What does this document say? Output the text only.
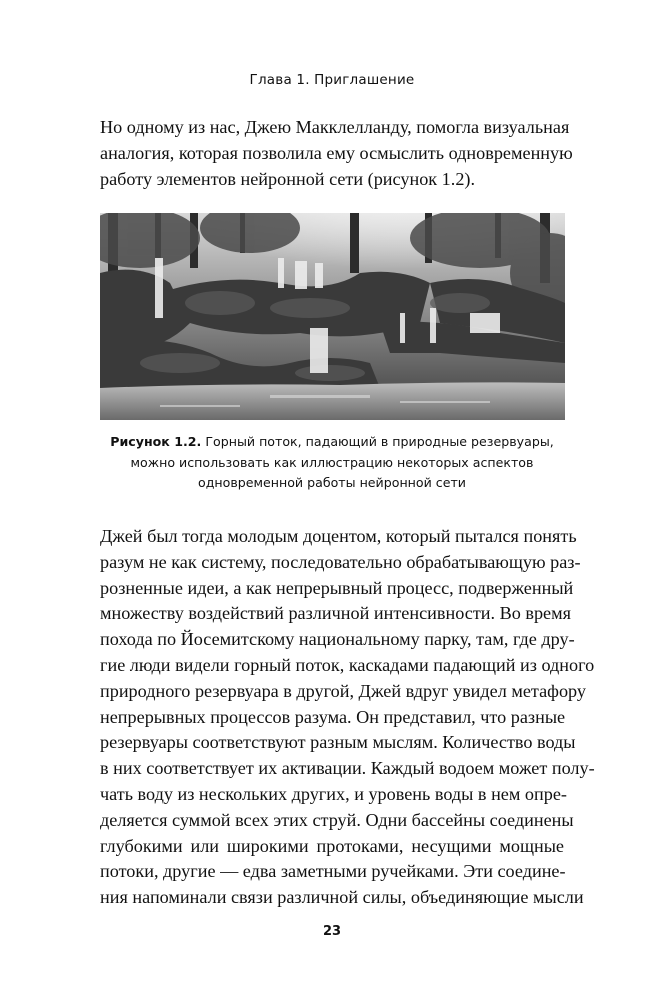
Глава 1. Приглашение

Но одному из нас, Джею Макклелланду, помогла визуальная
аналогия, которая позволила ему осмыслить одновременную
работу элементов нейронной сети (рисунок 1.2).

Рисунок 1.2. Горный поток, падающий в природные резервуары,
можно использовать как иллюстрацию некоторых аспектов
одновременной работы нейронной сети

Джей был тогда молодым доцентом, который пытался понять
разум не как систему, последовательно обрабатывающую раз-
розненные идеи, а как непрерывный процесс, подверженный
множеству воздействий различной интенсивности. Во время
похода по Йосемитскому национальному парку, там, где дру-
гие люди видели горный поток, каскадами падающий из одного
природного резервуара в другой, Джей вдруг увидел метафору
непрерывных процессов разума. Он представил, что разные
резервуары соответствуют разным мыслям. Количество воды
в них соответствует их активации. Каждый водоем может полу-
чать воду из нескольких других, и уровень воды в нем опре-
деляется суммой всех этих струй. Одни бассейны соединены
глубокими или широкими протоками, несущими мощные
потоки, другие — едва заметными ручейками. Эти соедине-
ния напоминали связи различной силы, объединяющие мысли

23
